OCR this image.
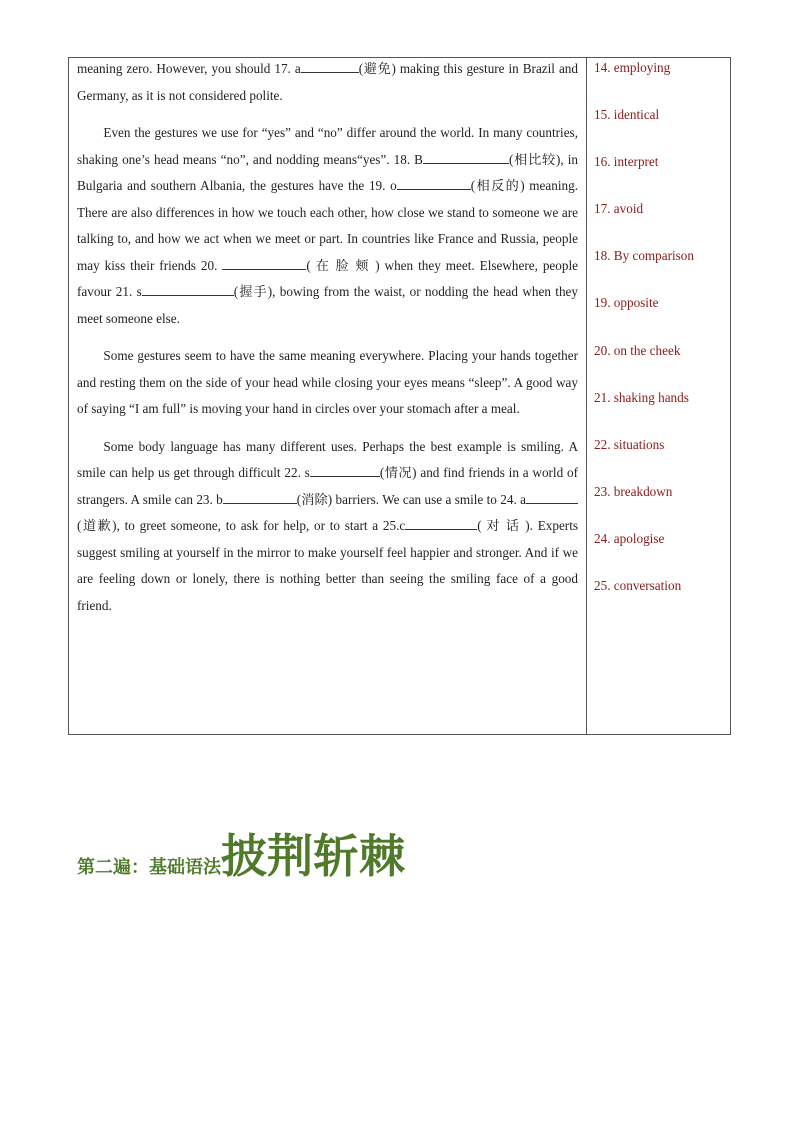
meaning zero. However, you should 17. a	(避免) making this gesture in Brazil and Germany, as it is not considered polite.

Even the gestures we use for “yes” and “no” differ around the world. In many countries, shaking one’s head means “no”, and nodding means“yes”. 18. B	(相比较), in Bulgaria and southern Albania, the gestures have the 19. o	(相反的) meaning. There are also differences in how we touch each other, how close we stand to someone we are talking to, and how we act when we meet or part. In countries like France and Russia, people may kiss their friends 20.	( 在 脸 颊 ) when they meet. Elsewhere, people favour 21. s	(握手), bowing from the waist, or nodding the head when they meet someone else.

Some gestures seem to have the same meaning everywhere. Placing your hands together and resting them on the side of your head while closing your eyes means “sleep”. A good way of saying “I am full” is moving your hand in circles over your stomach after a meal.

Some body language has many different uses. Perhaps the best example is smiling. A smile can help us get through difficult 22. s	(情况) and find friends in a world of strangers. A smile can 23. b	(消除) barriers. We can use a smile to 24. a(道歉), to greet someone, to ask for help, or to start a 25.c	( 对 话 ). Experts suggest smiling at yourself in the mirror to make yourself feel happier and stronger. And if we are feeling down or lonely, there is nothing better than seeing the smiling face of a good friend.

14. employing
15. identical
16. interpret
17. avoid
18. By comparison
19. opposite
20. on the cheek
21. shaking hands
22. situations
23. breakdown
24. apologise
25. conversation
第二遍：基础语法 披荆斩棘
